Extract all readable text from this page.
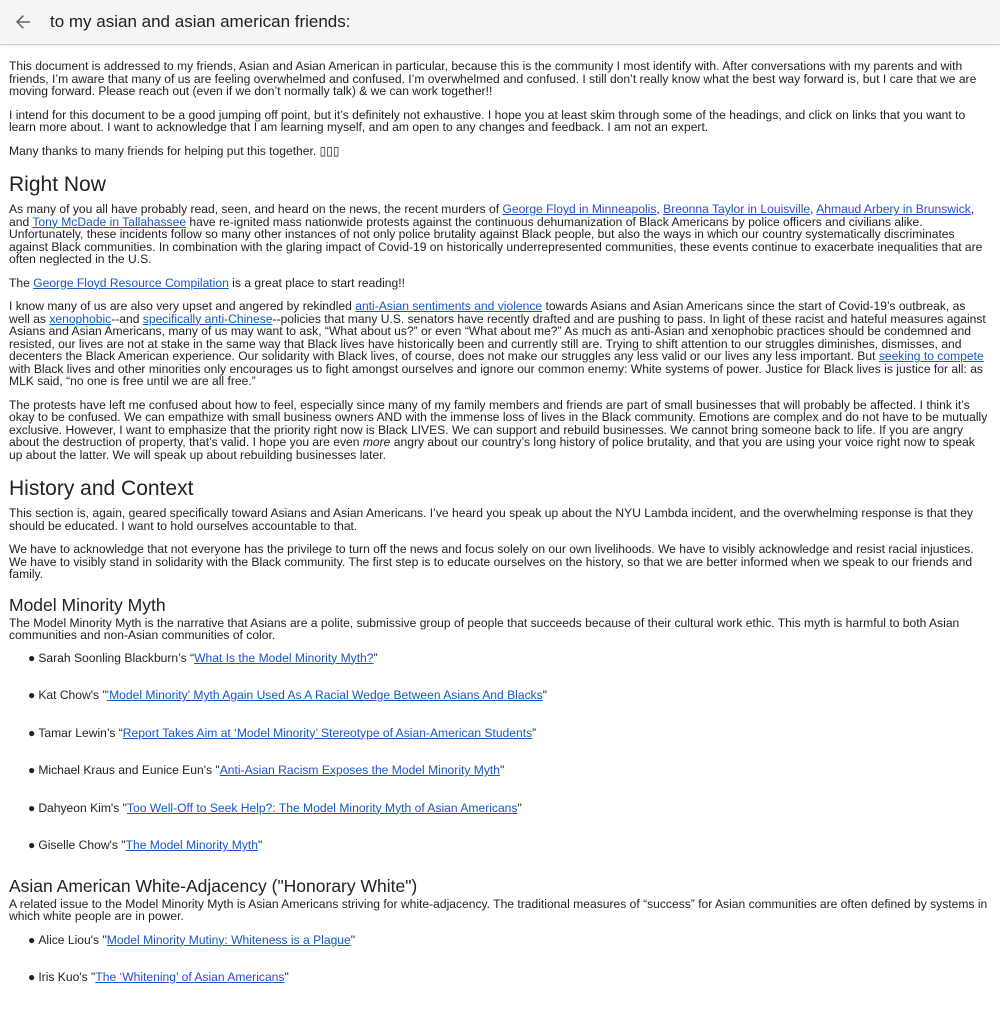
to my asian and asian american friends:

This document is addressed to my friends, Asian and Asian American in particular, because this is the community I most identify with. After conversations with my parents and with friends, I’m aware that many of us are feeling overwhelmed and confused. I’m overwhelmed and confused. I still don’t really know what the best way forward is, but I care that we are moving forward. Please reach out (even if we don’t normally talk) & we can work together!!

I intend for this document to be a good jumping off point, but it’s definitely not exhaustive. I hope you at least skim through some of the headings, and click on links that you want to learn more about. I want to acknowledge that I am learning myself, and am open to any changes and feedback. I am not an expert.

Many thanks to many friends for helping put this together. ▯▯▯

Right Now

As many of you all have probably read, seen, and heard on the news, the recent murders of George Floyd in Minneapolis, Breonna Taylor in Louisville, Ahmaud Arbery in Brunswick, and Tony McDade in Tallahassee have re-ignited mass nationwide protests against the continuous dehumanization of Black Americans by police officers and civilians alike. Unfortunately, these incidents follow so many other instances of not only police brutality against Black people, but also the ways in which our country systematically discriminates against Black communities. In combination with the glaring impact of Covid-19 on historically underrepresented communities, these events continue to exacerbate inequalities that are often neglected in the U.S.

The George Floyd Resource Compilation is a great place to start reading!!

I know many of us are also very upset and angered by rekindled anti-Asian sentiments and violence towards Asians and Asian Americans since the start of Covid-19’s outbreak, as well as xenophobic--and specifically anti-Chinese--policies that many U.S. senators have recently drafted and are pushing to pass. In light of these racist and hateful measures against Asians and Asian Americans, many of us may want to ask, “What about us?” or even “What about me?” As much as anti-Asian and xenophobic practices should be condemned and resisted, our lives are not at stake in the same way that Black lives have historically been and currently still are. Trying to shift attention to our struggles diminishes, dismisses, and decenters the Black American experience. Our solidarity with Black lives, of course, does not make our struggles any less valid or our lives any less important. But seeking to compete with Black lives and other minorities only encourages us to fight amongst ourselves and ignore our common enemy: White systems of power. Justice for Black lives is justice for all: as MLK said, “no one is free until we are all free.”

The protests have left me confused about how to feel, especially since many of my family members and friends are part of small businesses that will probably be affected. I think it’s okay to be confused. We can empathize with small business owners AND with the immense loss of lives in the Black community. Emotions are complex and do not have to be mutually exclusive. However, I want to emphasize that the priority right now is Black LIVES. We can support and rebuild businesses. We cannot bring someone back to life. If you are angry about the destruction of property, that’s valid. I hope you are even more angry about our country’s long history of police brutality, and that you are using your voice right now to speak up about the latter. We will speak up about rebuilding businesses later.

History and Context

This section is, again, geared specifically toward Asians and Asian Americans. I’ve heard you speak up about the NYU Lambda incident, and the overwhelming response is that they should be educated. I want to hold ourselves accountable to that.

We have to acknowledge that not everyone has the privilege to turn off the news and focus solely on our own livelihoods. We have to visibly acknowledge and resist racial injustices. We have to visibly stand in solidarity with the Black community. The first step is to educate ourselves on the history, so that we are better informed when we speak to our friends and family.

Model Minority Myth

The Model Minority Myth is the narrative that Asians are a polite, submissive group of people that succeeds because of their cultural work ethic. This myth is harmful to both Asian communities and non-Asian communities of color.

● Sarah Soonling Blackburn’s “What Is the Model Minority Myth?”
● Kat Chow's "'Model Minority' Myth Again Used As A Racial Wedge Between Asians And Blacks"
● Tamar Lewin’s “Report Takes Aim at ‘Model Minority’ Stereotype of Asian-American Students”
● Michael Kraus and Eunice Eun's "Anti-Asian Racism Exposes the Model Minority Myth"
● Dahyeon Kim's "Too Well-Off to Seek Help?: The Model Minority Myth of Asian Americans"
● Giselle Chow's "The Model Minority Myth"
Asian American White-Adjacency ("Honorary White")

A related issue to the Model Minority Myth is Asian Americans striving for white-adjacency. The traditional measures of “success” for Asian communities are often defined by systems in which white people are in power.

● Alice Liou's "Model Minority Mutiny: Whiteness is a Plague"
● Iris Kuo's "The ‘Whitening’ of Asian Americans"
